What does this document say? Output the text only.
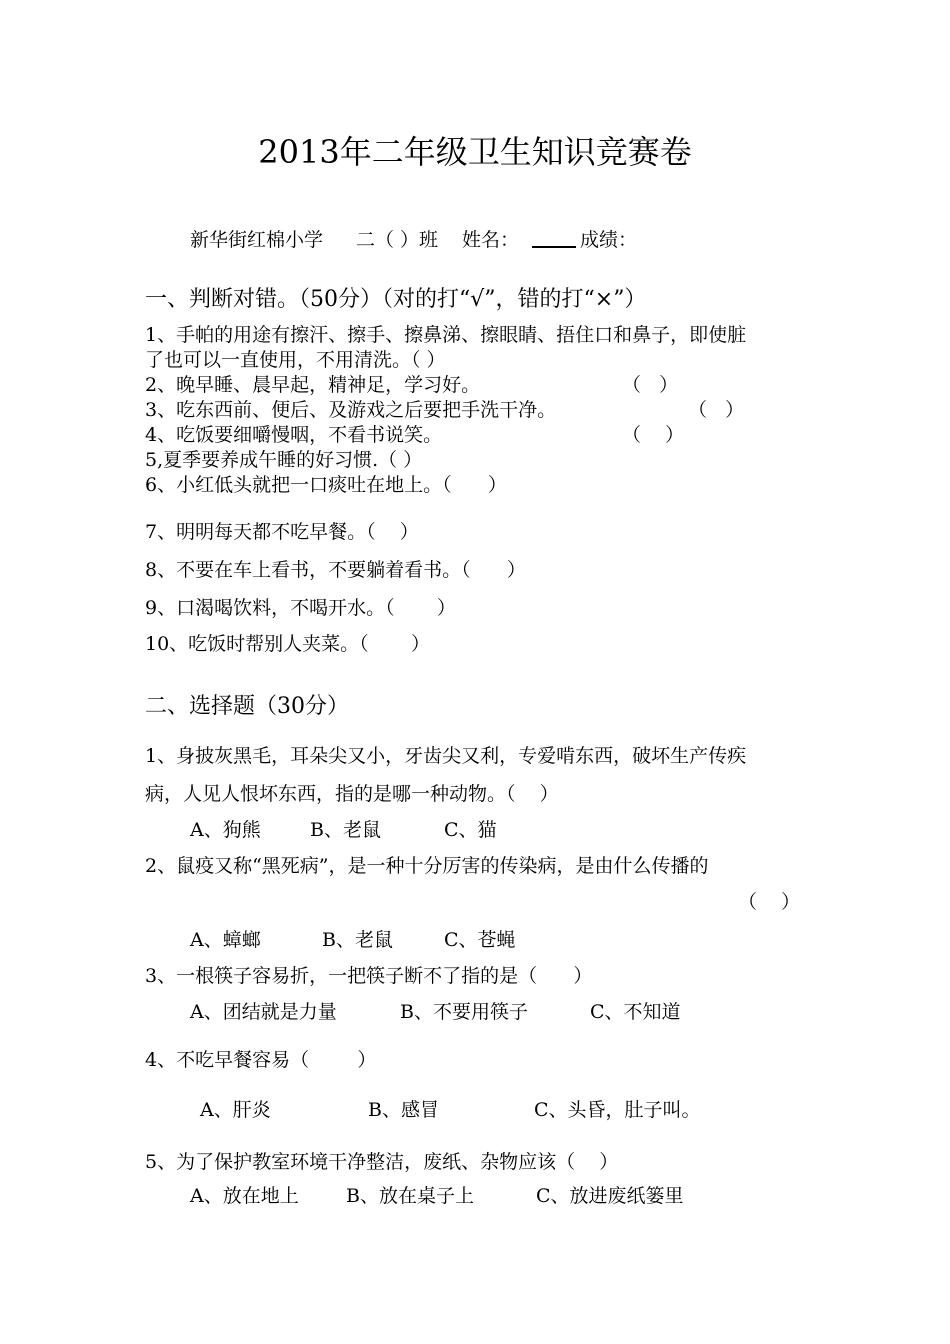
2013年二年级卫生知识竞赛卷
新华街红棉小学 二（ ）班 姓名：	成绩：
一、判断对错。（50分）（对的打“√”，错的打“×”）
1、手帕的用途有擦汗、擦手、擦鼻涕、擦眼睛、捂住口和鼻子，即使脏
了也可以一直使用，不用清洗。（ ）
2、晚早睡、晨早起，精神足，学习好。	（   ）
3、吃东西前、便后、及游戏之后要把手洗干净。	（   ）
4、吃饭要细嚼慢咽，不看书说笑。	（    ）
5,夏季要养成午睡的好习惯.（ ）
6、小红低头就把一口痰吐在地上。（      ）
7、明明每天都不吃早餐。（    ）
8、不要在车上看书，不要躺着看书。（      ）
9、口渴喝饮料，不喝开水。（       ）
10、吃饭时帮别人夹菜。（       ）
二、选择题（30分）
1、身披灰黑毛，耳朵尖又小，牙齿尖又利，专爱啃东西，破坏生产传疾
病，人见人恨坏东西，指的是哪一种动物。（    ）
A、狗熊	B、老鼠	C、猫
2、鼠疫又称“黑死病”，是一种十分厉害的传染病，是由什么传播的
（    ）
A、蟑螂	B、老鼠	C、苍蝇
3、一根筷子容易折，一把筷子断不了指的是（      ）
A、团结就是力量	B、不要用筷子	C、不知道
4、不吃早餐容易（        ）
A、肝炎	B、感冒	C、头昏，肚子叫。
5、为了保护教室环境干净整洁，废纸、杂物应该（    ）
A、放在地上 B、放在桌子上	C、放进废纸篓里
